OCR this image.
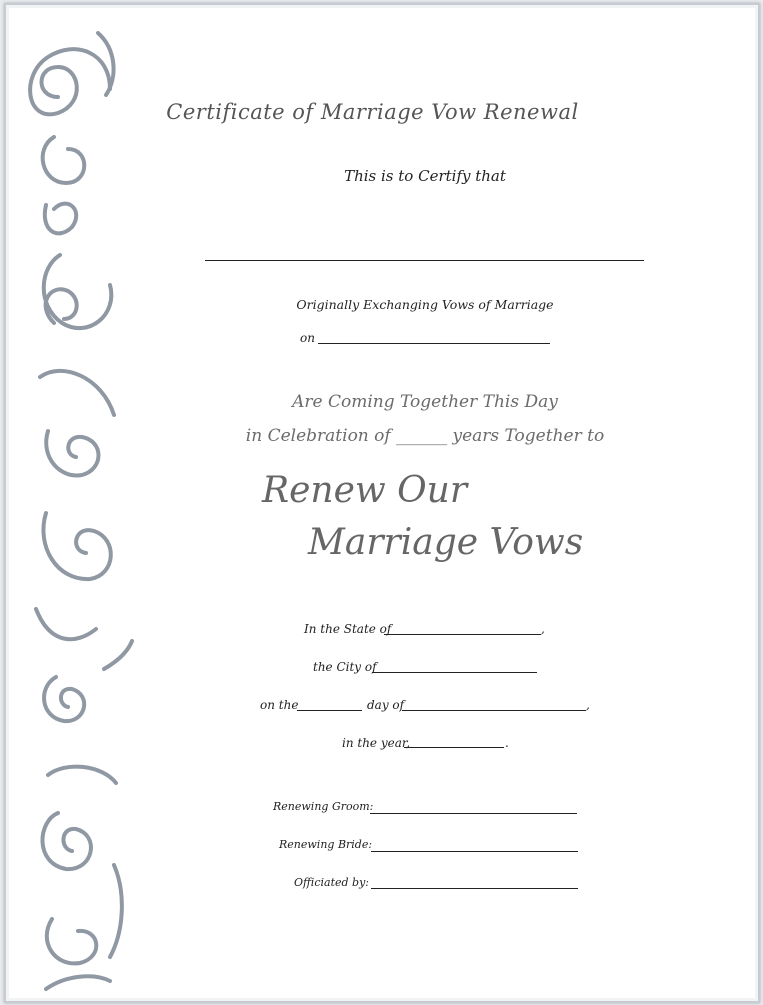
Certificate of Marriage Vow Renewal
This is to Certify that
Originally Exchanging Vows of Marriage
on
Are Coming Together This Day
in Celebration of ______ years Together to
Renew Our
Marriage Vows
In the State of	,
the City of
on the	day of	,
in the year,	.
Renewing Groom:
Renewing Bride:
Officiated by:
